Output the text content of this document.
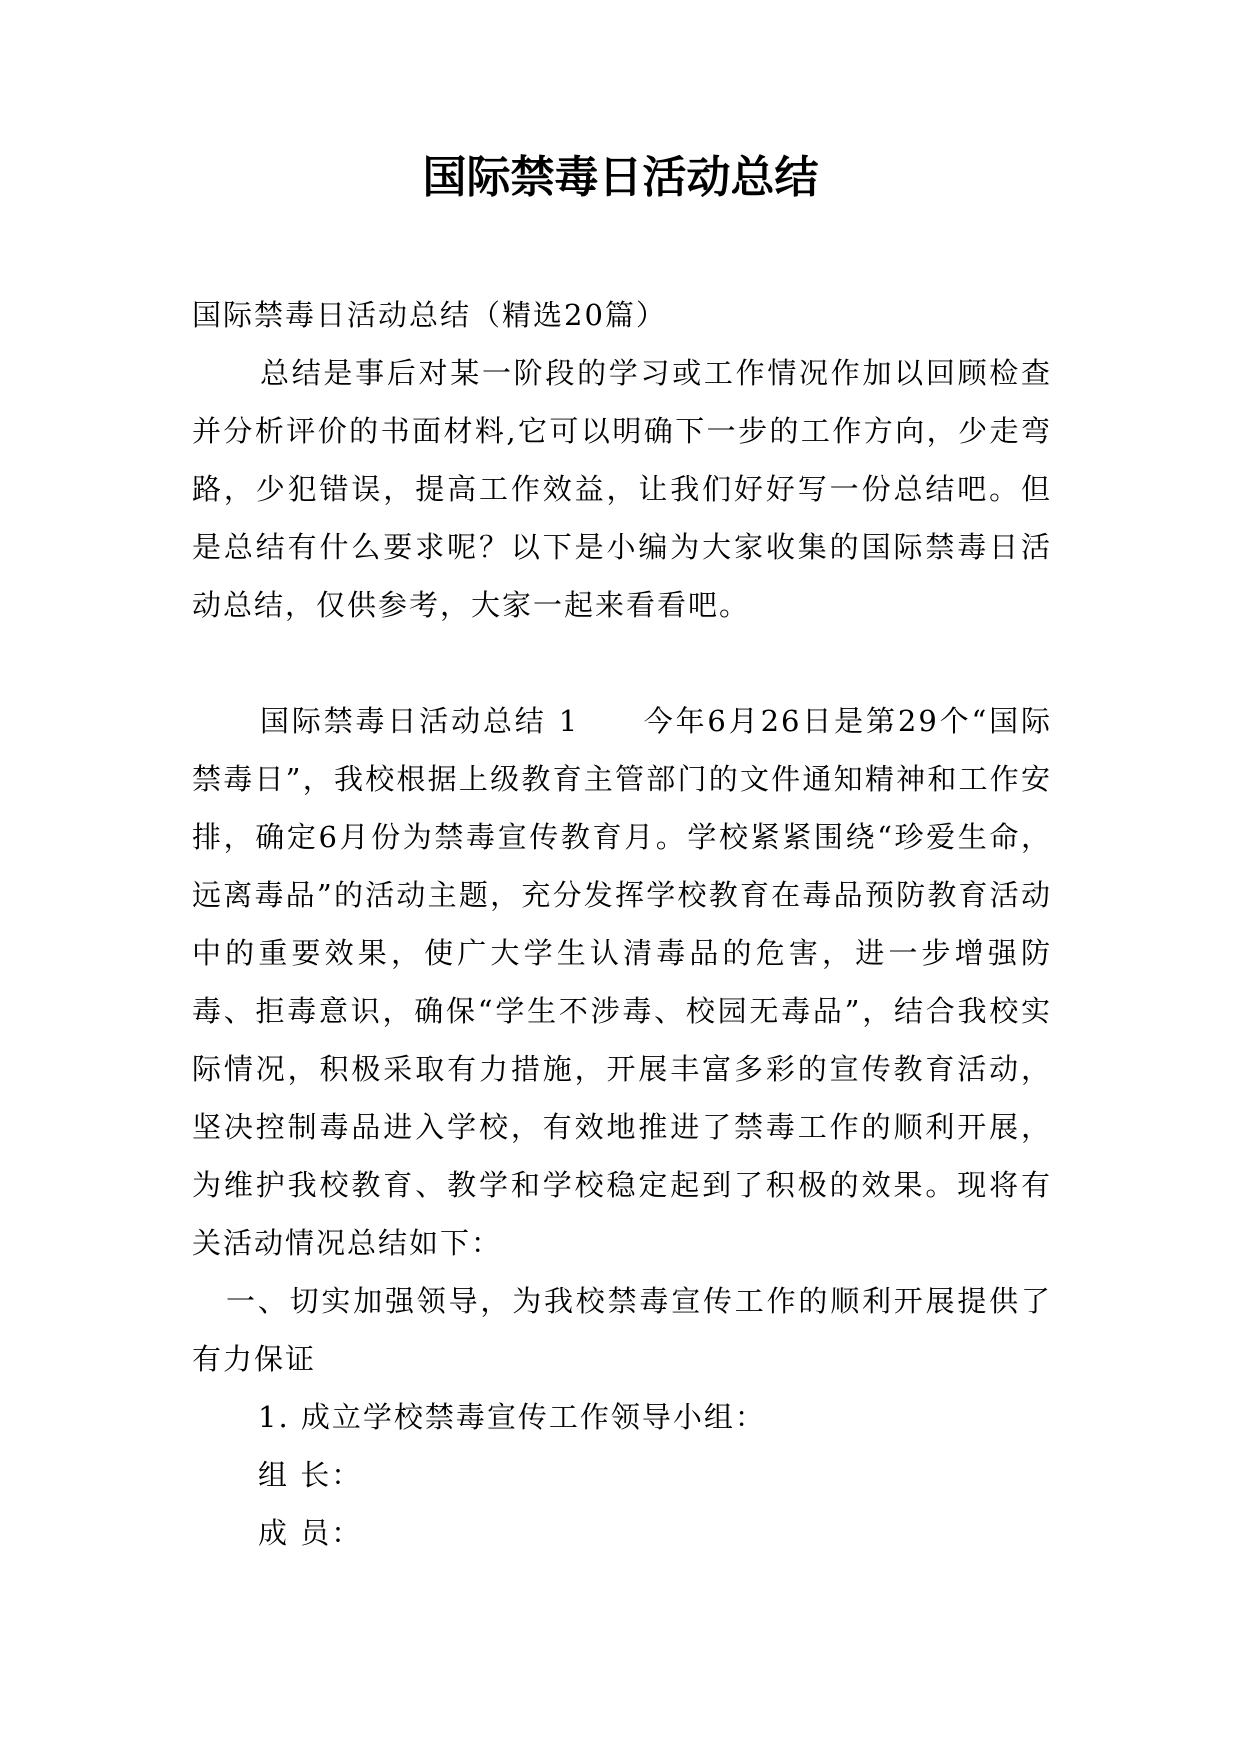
国际禁毒日活动总结
国际禁毒日活动总结（精选20篇）
总结是事后对某一阶段的学习或工作情况作加以回顾检查并分析评价的书面材料,它可以明确下一步的工作方向，少走弯路，少犯错误，提高工作效益，让我们好好写一份总结吧。但是总结有什么要求呢？以下是小编为大家收集的国际禁毒日活动总结，仅供参考，大家一起来看看吧。
国际禁毒日活动总结 1　　今年6月26日是第29个“国际禁毒日”，我校根据上级教育主管部门的文件通知精神和工作安排，确定6月份为禁毒宣传教育月。学校紧紧围绕“珍爱生命，远离毒品”的活动主题，充分发挥学校教育在毒品预防教育活动中的重要效果，使广大学生认清毒品的危害，进一步增强防毒、拒毒意识，确保“学生不涉毒、校园无毒品”，结合我校实际情况，积极采取有力措施，开展丰富多彩的宣传教育活动，坚决控制毒品进入学校，有效地推进了禁毒工作的顺利开展，为维护我校教育、教学和学校稳定起到了积极的效果。现将有关活动情况总结如下：
一、切实加强领导，为我校禁毒宣传工作的顺利开展提供了有力保证
1. 成立学校禁毒宣传工作领导小组：
组 长：
成 员：
